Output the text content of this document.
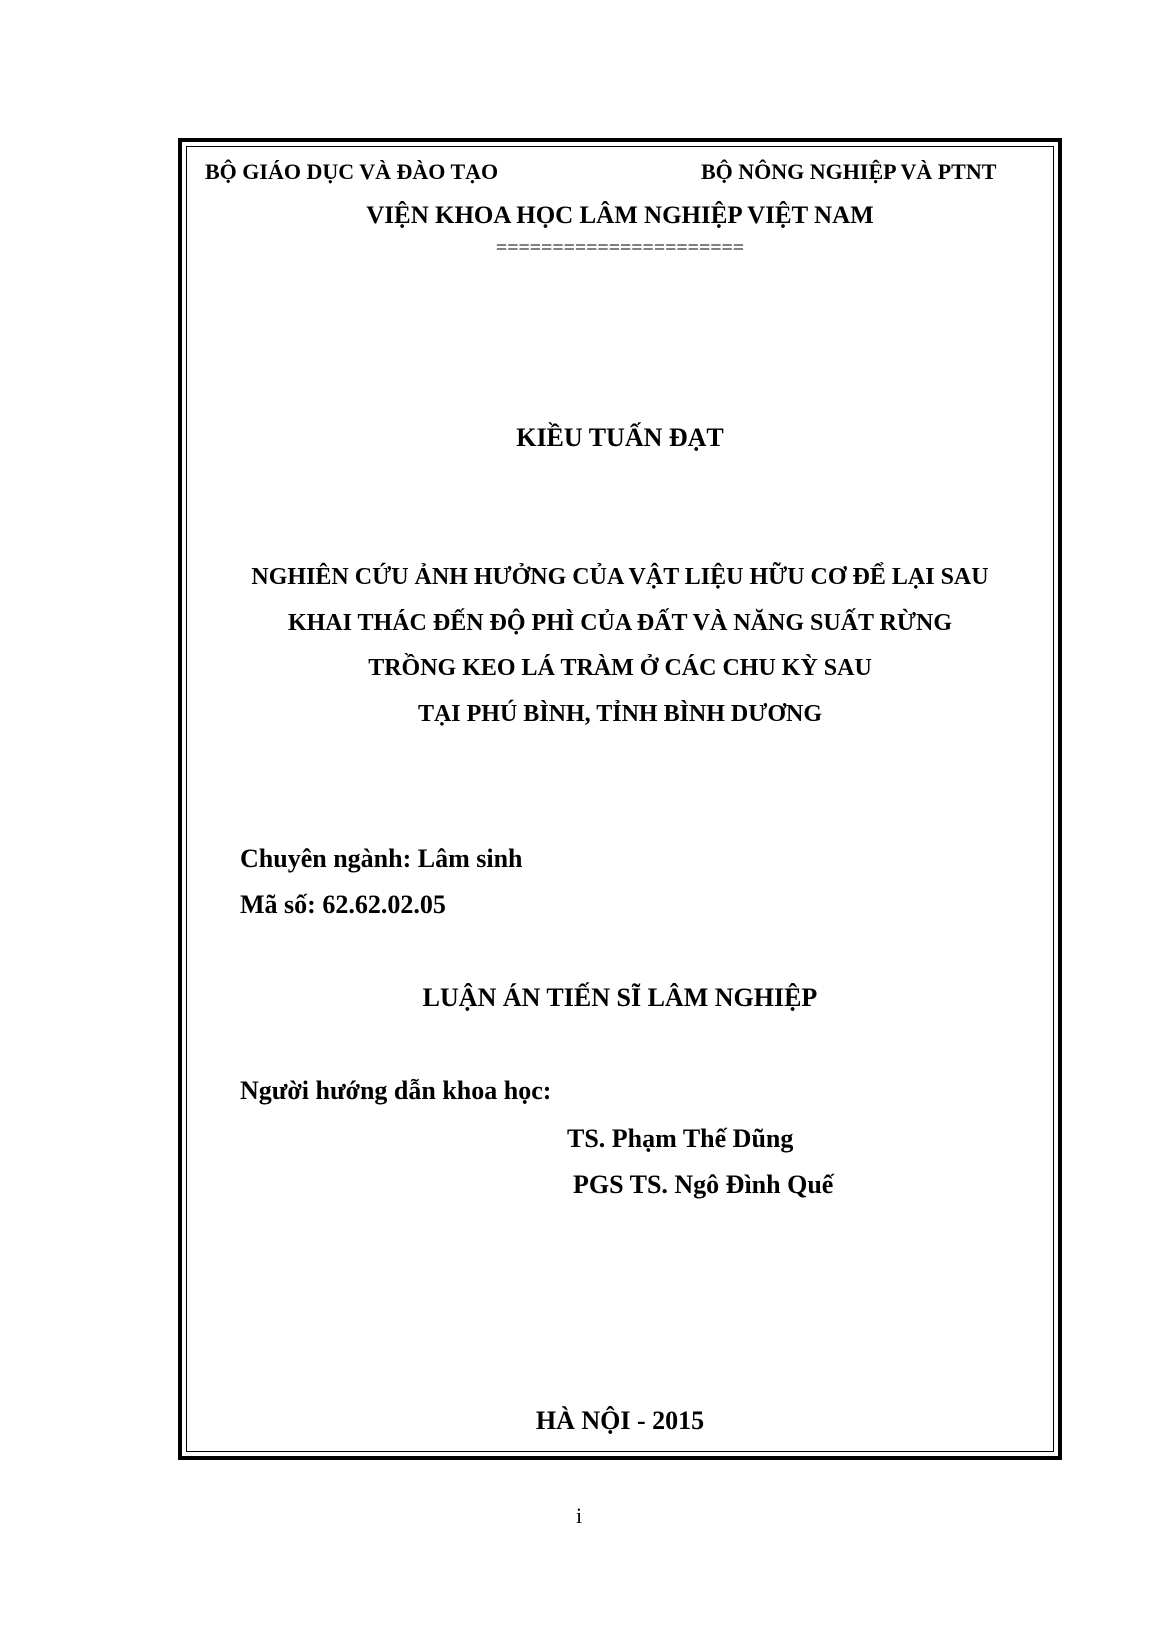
BỘ GIÁO DỤC VÀ ĐÀO TẠO	BỘ NÔNG NGHIỆP VÀ PTNT
VIỆN KHOA HỌC LÂM NGHIỆP VIỆT NAM
======================
KIỀU TUẤN ĐẠT
NGHIÊN CỨU ẢNH HƯỞNG CỦA VẬT LIỆU HỮU CƠ ĐỂ LẠI SAU
KHAI THÁC ĐẾN ĐỘ PHÌ CỦA ĐẤT VÀ NĂNG SUẤT RỪNG
TRỒNG KEO LÁ TRÀM Ở CÁC CHU KỲ SAU
TẠI PHÚ BÌNH, TỈNH BÌNH DƯƠNG
Chuyên ngành: Lâm sinh
Mã số: 62.62.02.05
LUẬN ÁN TIẾN SĨ LÂM NGHIỆP
Người hướng dẫn khoa học:
TS. Phạm Thế Dũng
PGS TS. Ngô Đình Quế
HÀ NỘI - 2015
i
